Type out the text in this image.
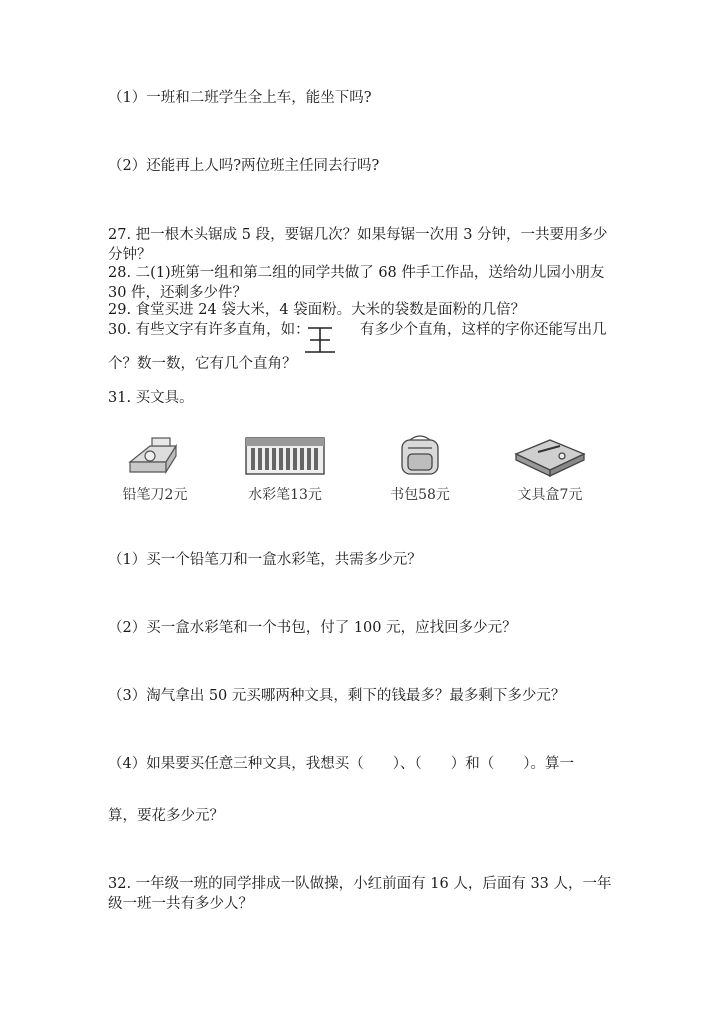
（1）一班和二班学生全上车，能坐下吗?
（2）还能再上人吗?两位班主任同去行吗?
27. 把一根木头锯成 5 段，要锯几次？如果每锯一次用 3 分钟，一共要用多少分钟？
28. 二(1)班第一组和第二组的同学共做了 68 件手工作品，送给幼儿园小朋友 30 件，还剩多少件？
29. 食堂买进 24 袋大米，4 袋面粉。大米的袋数是面粉的几倍？
30. 有些文字有许多直角，如：	有多少个直角，这样的字你还能写出几
个？数一数，它有几个直角？
31. 买文具。
铅笔刀2元	水彩笔13元	书包58元	文具盒7元
（1）买一个铅笔刀和一盒水彩笔，共需多少元？
（2）买一盒水彩笔和一个书包，付了 100 元，应找回多少元？
（3）淘气拿出 50 元买哪两种文具，剩下的钱最多？最多剩下多少元？
（4）如果要买任意三种文具，我想买（　　）、（　　）和（　　）。算一
算，要花多少元？
32. 一年级一班的同学排成一队做操，小红前面有 16 人，后面有 33 人，一年级一班一共有多少人？
